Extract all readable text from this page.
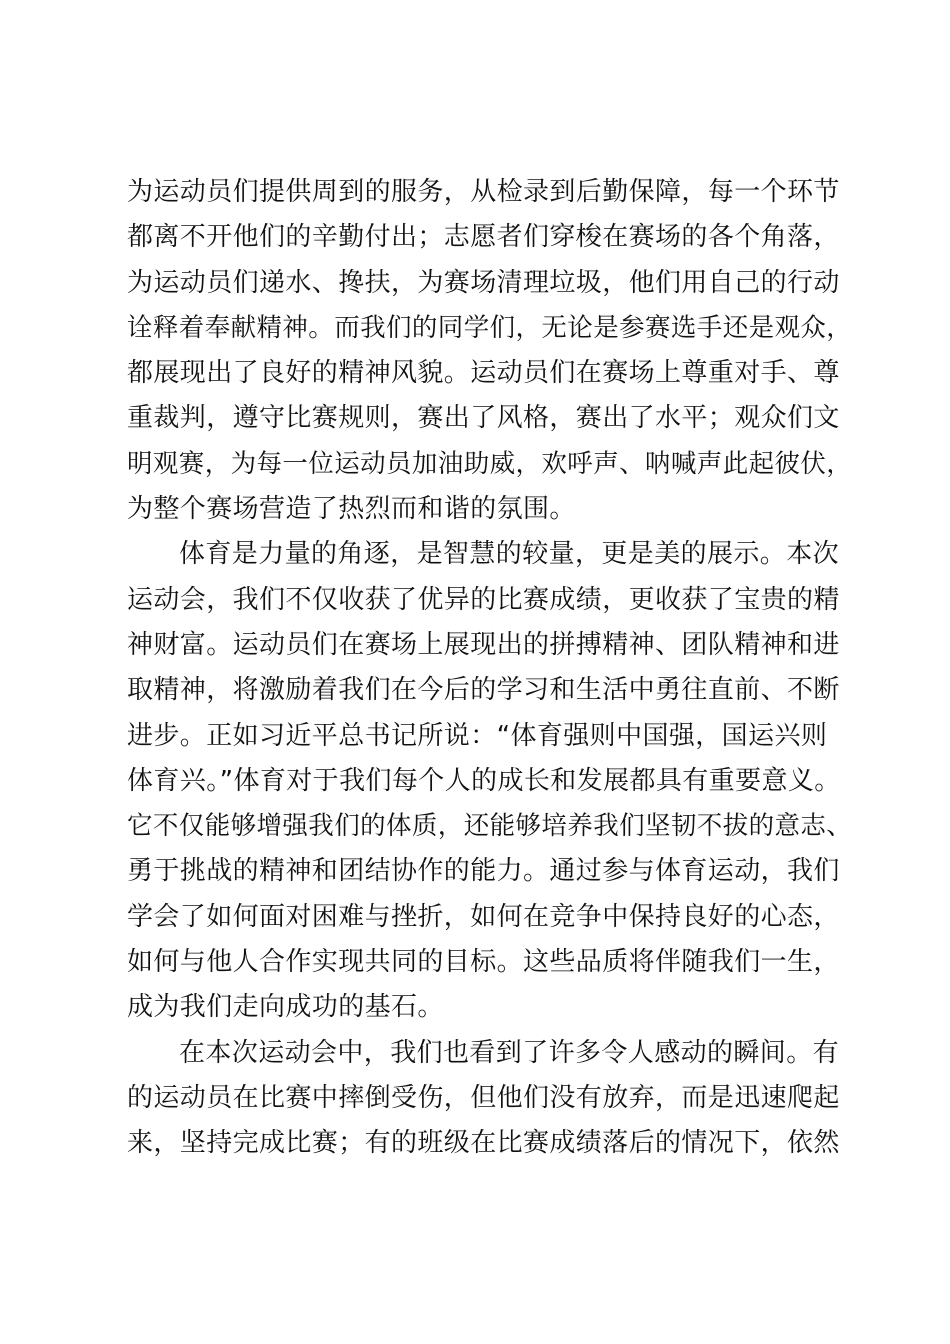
为运动员们提供周到的服务，从检录到后勤保障，每一个环节
都离不开他们的辛勤付出；志愿者们穿梭在赛场的各个角落，
为运动员们递水、搀扶，为赛场清理垃圾，他们用自己的行动
诠释着奉献精神。而我们的同学们，无论是参赛选手还是观众，
都展现出了良好的精神风貌。运动员们在赛场上尊重对手、尊
重裁判，遵守比赛规则，赛出了风格，赛出了水平；观众们文
明观赛，为每一位运动员加油助威，欢呼声、呐喊声此起彼伏，
为整个赛场营造了热烈而和谐的氛围。
体育是力量的角逐，是智慧的较量，更是美的展示。本次
运动会，我们不仅收获了优异的比赛成绩，更收获了宝贵的精
神财富。运动员们在赛场上展现出的拼搏精神、团队精神和进
取精神，将激励着我们在今后的学习和生活中勇往直前、不断
进步。正如习近平总书记所说：“体育强则中国强，国运兴则
体育兴。”体育对于我们每个人的成长和发展都具有重要意义。
它不仅能够增强我们的体质，还能够培养我们坚韧不拔的意志、
勇于挑战的精神和团结协作的能力。通过参与体育运动，我们
学会了如何面对困难与挫折，如何在竞争中保持良好的心态，
如何与他人合作实现共同的目标。这些品质将伴随我们一生，
成为我们走向成功的基石。
在本次运动会中，我们也看到了许多令人感动的瞬间。有
的运动员在比赛中摔倒受伤，但他们没有放弃，而是迅速爬起
来，坚持完成比赛；有的班级在比赛成绩落后的情况下，依然
